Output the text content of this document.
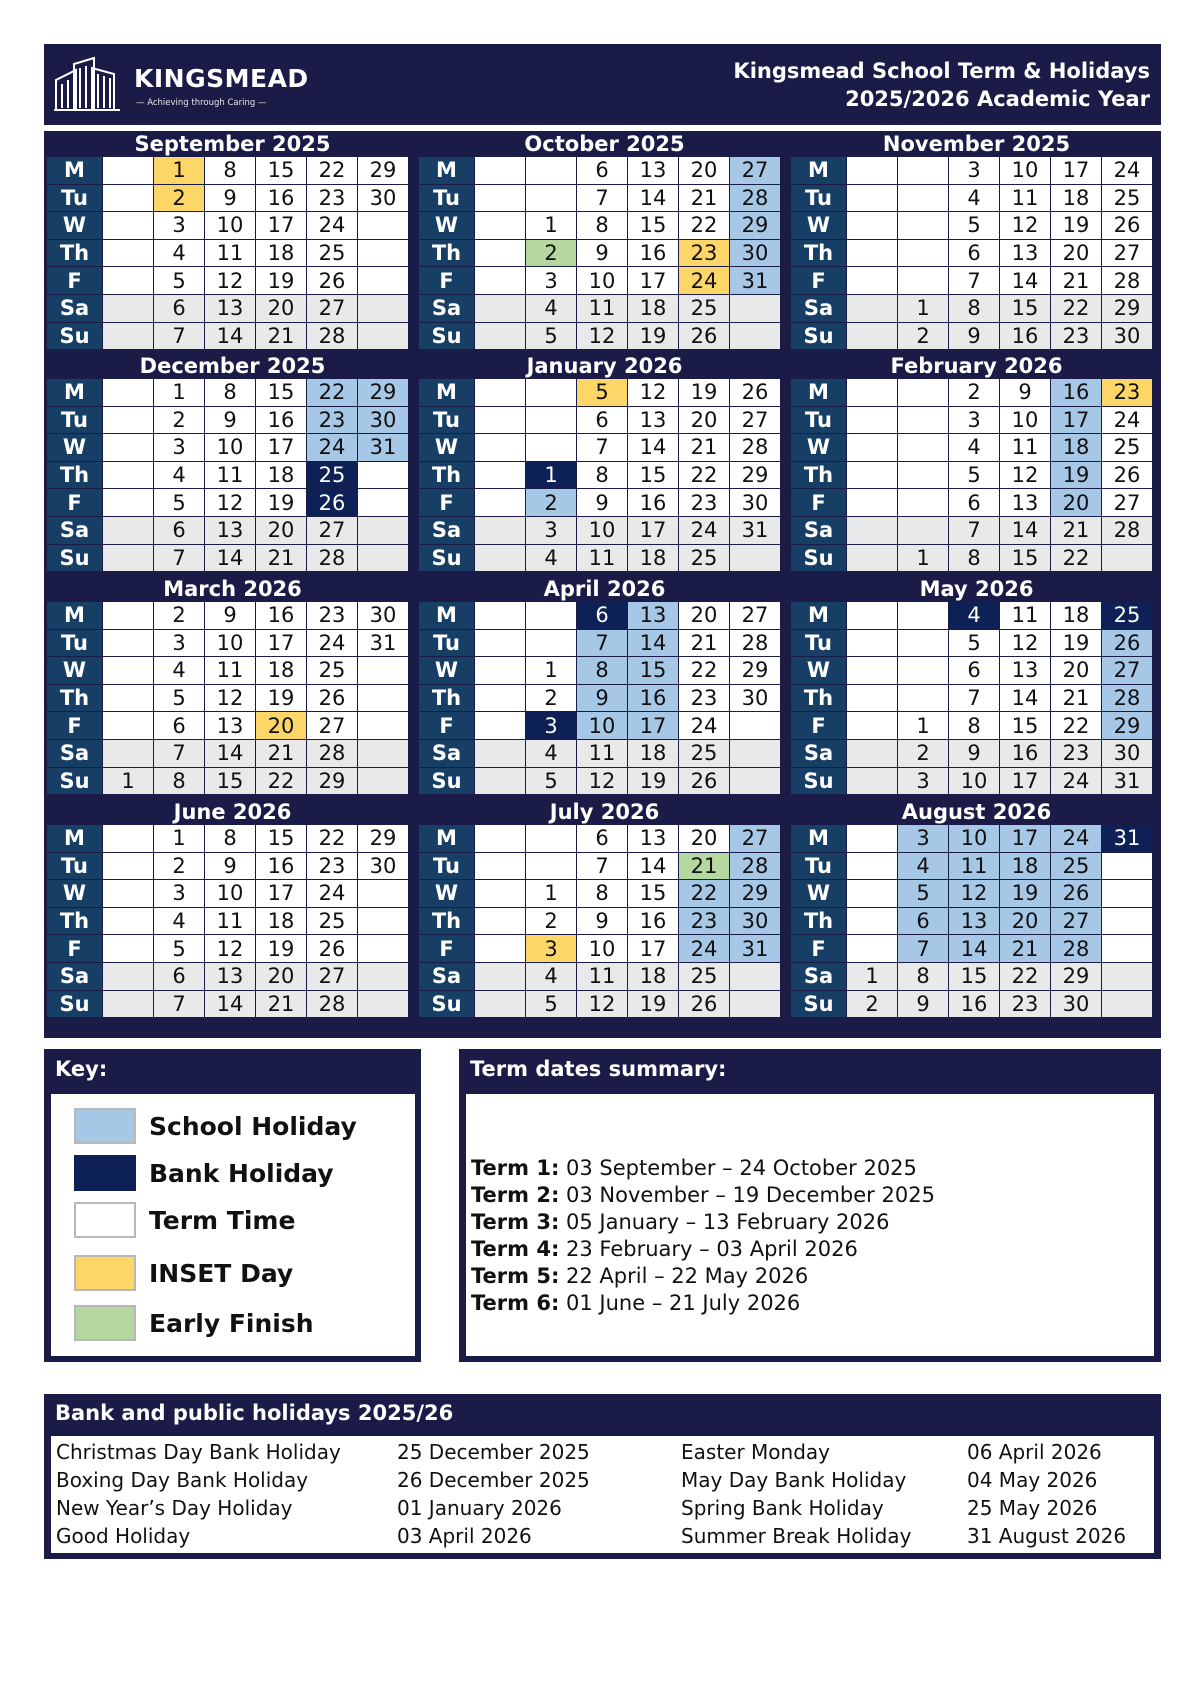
KINGSMEAD
— Achieving through Caring —
Kingsmead School Term & Holidays
2025/2026 Academic Year
September 2025
M		1	8	15	22	29
Tu		2	9	16	23	30
W		3	10	17	24	
Th		4	11	18	25	
F		5	12	19	26	
Sa		6	13	20	27	
Su		7	14	21	28	
October 2025
M			6	13	20	27
Tu			7	14	21	28
W		1	8	15	22	29
Th		2	9	16	23	30
F		3	10	17	24	31
Sa		4	11	18	25	
Su		5	12	19	26	
November 2025
M			3	10	17	24
Tu			4	11	18	25
W			5	12	19	26
Th			6	13	20	27
F			7	14	21	28
Sa		1	8	15	22	29
Su		2	9	16	23	30
December 2025
M		1	8	15	22	29
Tu		2	9	16	23	30
W		3	10	17	24	31
Th		4	11	18	25	
F		5	12	19	26	
Sa		6	13	20	27	
Su		7	14	21	28	
January 2026
M			5	12	19	26
Tu			6	13	20	27
W			7	14	21	28
Th		1	8	15	22	29
F		2	9	16	23	30
Sa		3	10	17	24	31
Su		4	11	18	25	
February 2026
M			2	9	16	23
Tu			3	10	17	24
W			4	11	18	25
Th			5	12	19	26
F			6	13	20	27
Sa			7	14	21	28
Su		1	8	15	22	
March 2026
M		2	9	16	23	30
Tu		3	10	17	24	31
W		4	11	18	25	
Th		5	12	19	26	
F		6	13	20	27	
Sa		7	14	21	28	
Su	1	8	15	22	29	
April 2026
M			6	13	20	27
Tu			7	14	21	28
W		1	8	15	22	29
Th		2	9	16	23	30
F		3	10	17	24	
Sa		4	11	18	25	
Su		5	12	19	26	
May 2026
M			4	11	18	25
Tu			5	12	19	26
W			6	13	20	27
Th			7	14	21	28
F		1	8	15	22	29
Sa		2	9	16	23	30
Su		3	10	17	24	31
June 2026
M		1	8	15	22	29
Tu		2	9	16	23	30
W		3	10	17	24	
Th		4	11	18	25	
F		5	12	19	26	
Sa		6	13	20	27	
Su		7	14	21	28	
July 2026
M			6	13	20	27
Tu			7	14	21	28
W		1	8	15	22	29
Th		2	9	16	23	30
F		3	10	17	24	31
Sa		4	11	18	25	
Su		5	12	19	26	
August 2026
M		3	10	17	24	31
Tu		4	11	18	25	
W		5	12	19	26	
Th		6	13	20	27	
F		7	14	21	28	
Sa	1	8	15	22	29	
Su	2	9	16	23	30	
Key:
School Holiday
Bank Holiday
Term Time
INSET Day
Early Finish
Term dates summary:
Term 1: 03 September – 24 October 2025
Term 2: 03 November – 19 December 2025
Term 3: 05 January – 13 February 2026
Term 4: 23 February – 03 April 2026
Term 5: 22 April – 22 May 2026
Term 6: 01 June – 21 July 2026
Bank and public holidays 2025/26
Christmas Day Bank Holiday	25 December 2025	Easter Monday	06 April 2026
Boxing Day Bank Holiday	26 December 2025	May Day Bank Holiday	04 May 2026
New Year’s Day Holiday	01 January 2026	Spring Bank Holiday	25 May 2026
Good Holiday	03 April 2026	Summer Break Holiday	31 August 2026
